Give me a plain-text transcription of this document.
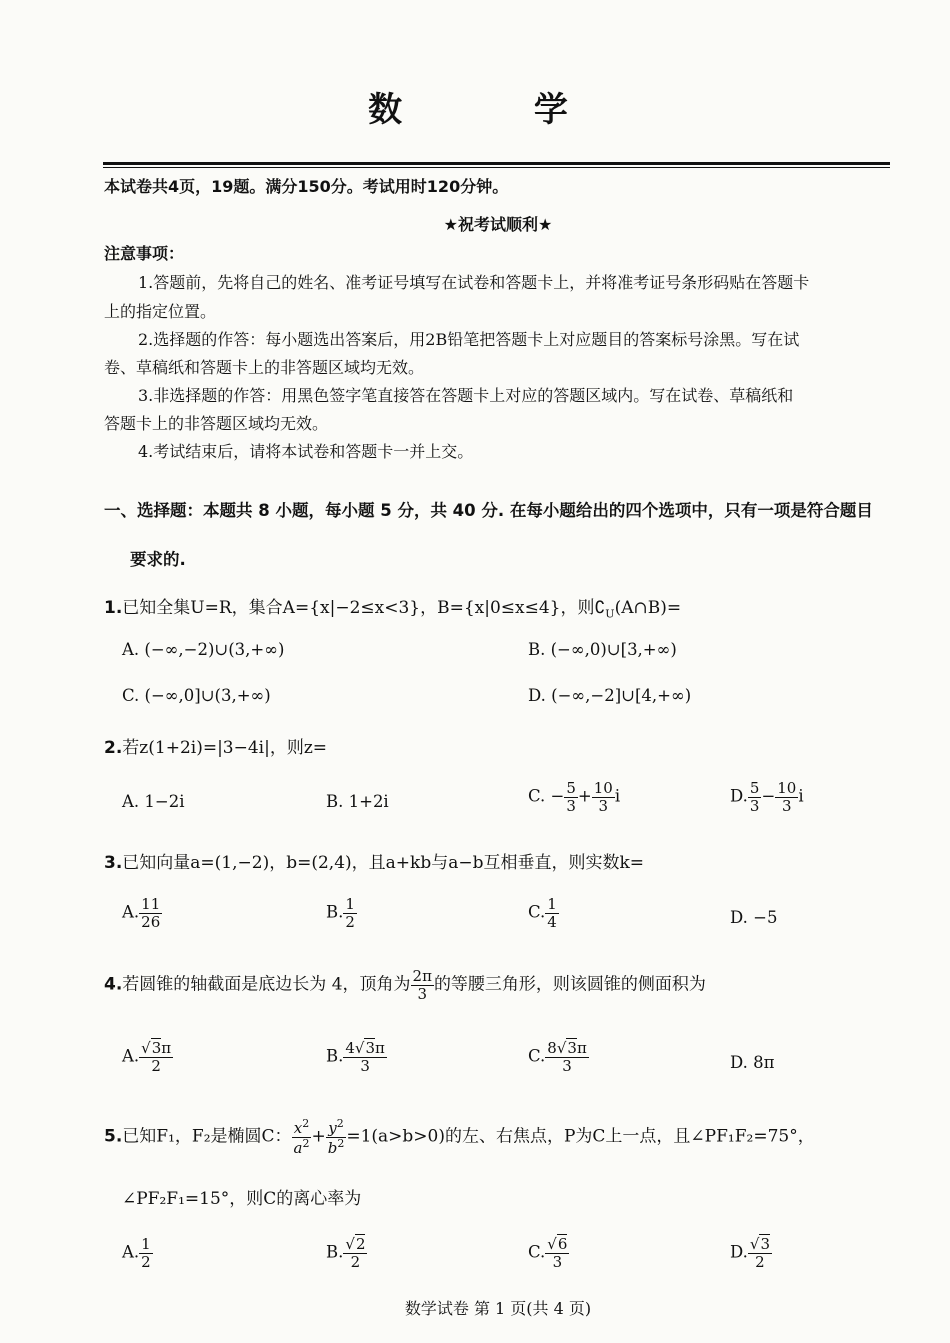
数 学
本试卷共4页，19题。满分150分。考试用时120分钟。
★祝考试顺利★
注意事项：
1.答题前，先将自己的姓名、准考证号填写在试卷和答题卡上，并将准考证号条形码贴在答题卡
上的指定位置。
2.选择题的作答：每小题选出答案后，用2B铅笔把答题卡上对应题目的答案标号涂黑。写在试
卷、草稿纸和答题卡上的非答题区域均无效。
3.非选择题的作答：用黑色签字笔直接答在答题卡上对应的答题区域内。写在试卷、草稿纸和
答题卡上的非答题区域均无效。
4.考试结束后，请将本试卷和答题卡一并上交。
一、选择题：本题共 8 小题，每小题 5 分，共 40 分. 在每小题给出的四个选项中，只有一项是符合题目
要求的.
1.已知全集U=R，集合A={x|−2≤x<3}，B={x|0≤x≤4}，则$∁_U(A\cap B)=$
A. (−∞,−2)∪(3,+∞)	B. (−∞,0)∪[3,+∞)
C. (−∞,0]∪(3,+∞)	D. (−∞,−2]∪[4,+∞)
2.若z(1+2i)=|3−4i|，则z=
A. 1−2i	B. 1+2i	C. − $\frac{5}{3} + \frac{10}{3}$ i	D. $\frac{5}{3} - \frac{10}{3}$ i
3.已知向量a=(1,−2)，b=(2,4)，且a+kb与a−b互相垂直，则实数k=
A. $\frac{11}{26}$	B. $\frac{1}{2}$	C. $\frac{1}{4}$	D. −5
4.若圆锥的轴截面是底边长为 4，顶角为 $\frac{2\pi}{3}$ 的等腰三角形，则该圆锥的侧面积为
A. $\frac{√3\pi}{2}$	B. $\frac{4√3\pi}{3}$	C. $\frac{8√3\pi}{3}$	D. 8π
5.已知F₁，F₂是椭圆C： $\frac{x^2}{a^2} + \frac{y^2}{b^2} =1(a>b>0)$的左、右焦点，P为C上一点，且∠PF₁F₂=75°，
∠PF₂F₁=15°，则C的离心率为
A. $\frac{1}{2}$	B. $\frac{√2}{2}$	C. $\frac{√6}{3}$	D. $\frac{√3}{2}$
数学试卷 第 1 页(共 4 页)
